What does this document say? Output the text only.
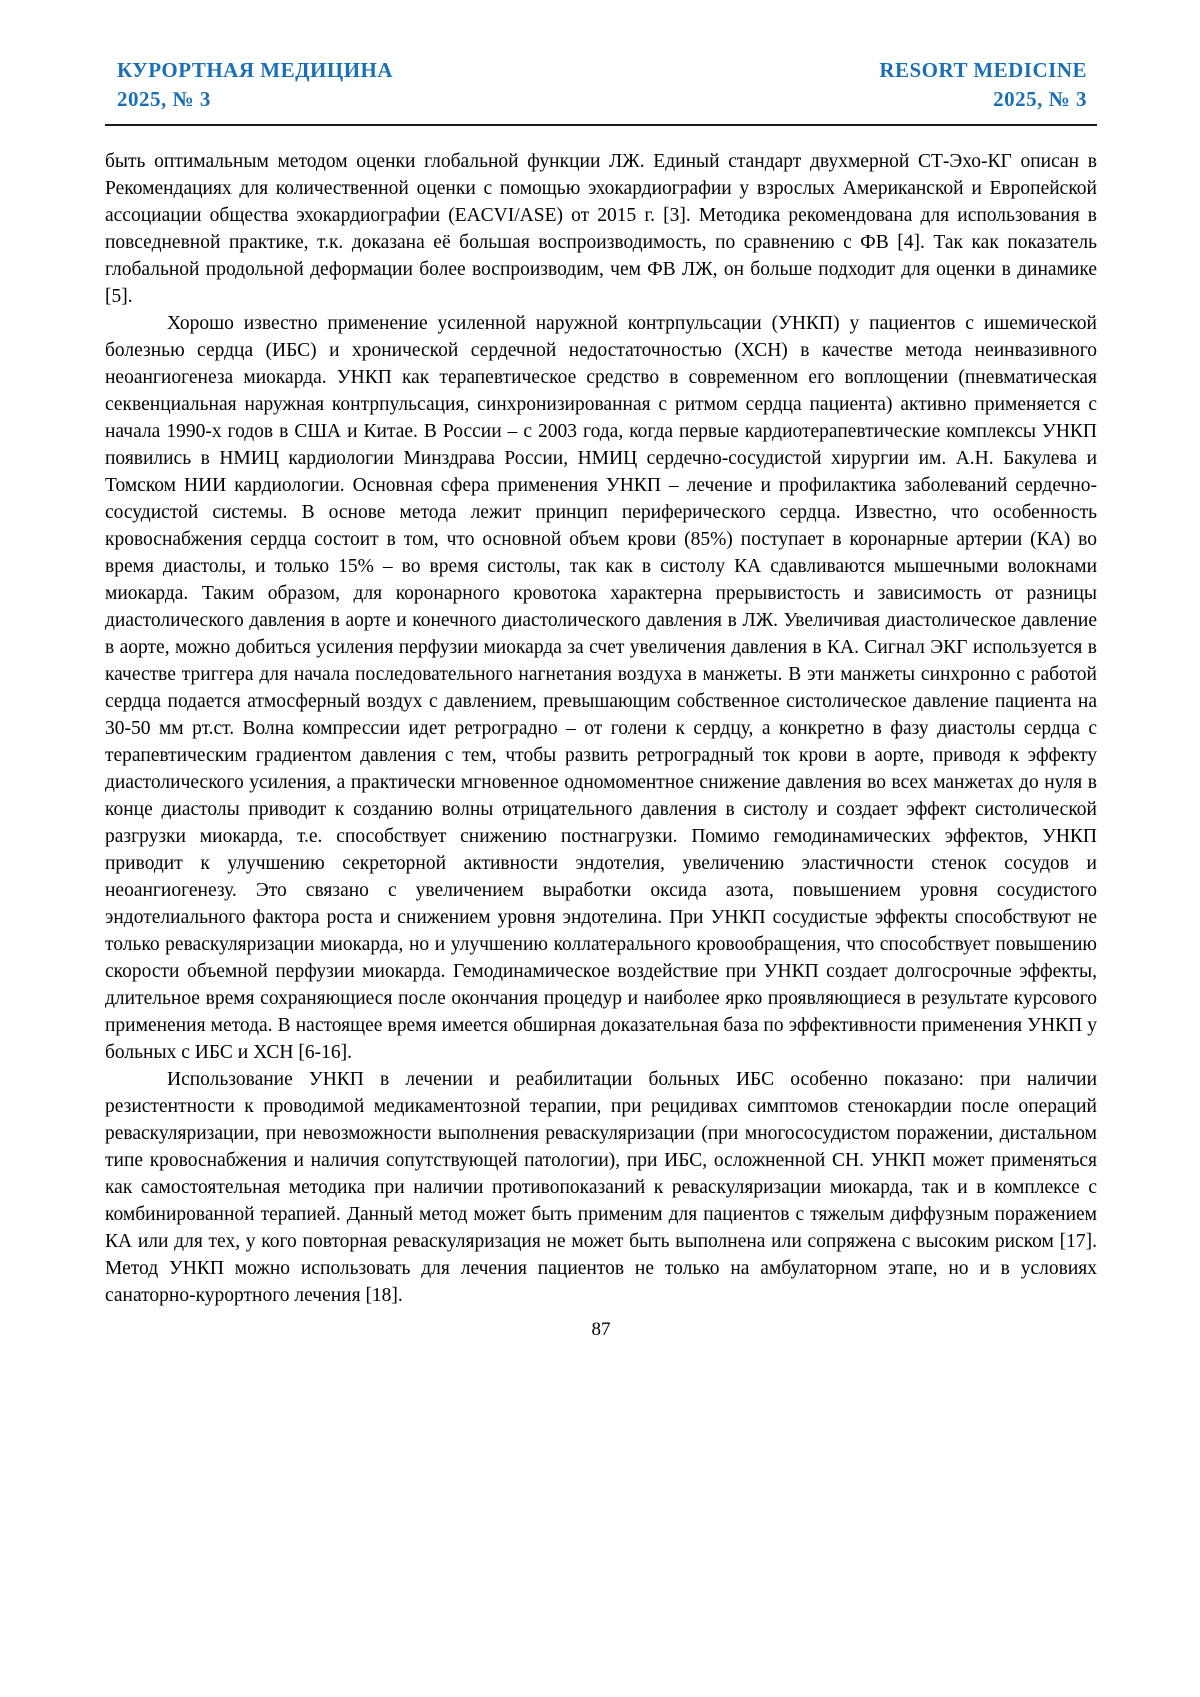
КУРОРТНАЯ МЕДИЦИНА
2025, № 3
RESORT MEDICINE
2025, № 3

быть оптимальным методом оценки глобальной функции ЛЖ. Единый стандарт двухмерной СТ-Эхо-КГ описан в Рекомендациях для количественной оценки с помощью эхокардиографии у взрослых Американской и Европейской ассоциации общества эхокардиографии (EACVI/ASE) от 2015 г. [3]. Методика рекомендована для использования в повседневной практике, т.к. доказана её большая воспроизводимость, по сравнению с ФВ [4]. Так как показатель глобальной продольной деформации более воспроизводим, чем ФВ ЛЖ, он больше подходит для оценки в динамике [5].

Хорошо известно применение усиленной наружной контрпульсации (УНКП) у пациентов с ишемической болезнью сердца (ИБС) и хронической сердечной недостаточностью (ХСН) в качестве метода неинвазивного неоангиогенеза миокарда. УНКП как терапевтическое средство в современном его воплощении (пневматическая секвенциальная наружная контрпульсация, синхронизированная с ритмом сердца пациента) активно применяется с начала 1990-х годов в США и Китае. В России – с 2003 года, когда первые кардиотерапевтические комплексы УНКП появились в НМИЦ кардиологии Минздрава России, НМИЦ сердечно-сосудистой хирургии им. А.Н. Бакулева и Томском НИИ кардиологии. Основная сфера применения УНКП – лечение и профилактика заболеваний сердечно-сосудистой системы. В основе метода лежит принцип периферического сердца. Известно, что особенность кровоснабжения сердца состоит в том, что основной объем крови (85%) поступает в коронарные артерии (КА) во время диастолы, и только 15% – во время систолы, так как в систолу КА сдавливаются мышечными волокнами миокарда. Таким образом, для коронарного кровотока характерна прерывистость и зависимость от разницы диастолического давления в аорте и конечного диастолического давления в ЛЖ. Увеличивая диастолическое давление в аорте, можно добиться усиления перфузии миокарда за счет увеличения давления в КА. Сигнал ЭКГ используется в качестве триггера для начала последовательного нагнетания воздуха в манжеты. В эти манжеты синхронно с работой сердца подается атмосферный воздух с давлением, превышающим собственное систолическое давление пациента на 30-50 мм рт.ст. Волна компрессии идет ретроградно – от голени к сердцу, а конкретно в фазу диастолы сердца с терапевтическим градиентом давления с тем, чтобы развить ретроградный ток крови в аорте, приводя к эффекту диастолического усиления, а практически мгновенное одномоментное снижение давления во всех манжетах до нуля в конце диастолы приводит к созданию волны отрицательного давления в систолу и создает эффект систолической разгрузки миокарда, т.е. способствует снижению постнагрузки. Помимо гемодинамических эффектов, УНКП приводит к улучшению секреторной активности эндотелия, увеличению эластичности стенок сосудов и неоангиогенезу. Это связано с увеличением выработки оксида азота, повышением уровня сосудистого эндотелиального фактора роста и снижением уровня эндотелина. При УНКП сосудистые эффекты способствуют не только реваскуляризации миокарда, но и улучшению коллатерального кровообращения, что способствует повышению скорости объемной перфузии миокарда. Гемодинамическое воздействие при УНКП создает долгосрочные эффекты, длительное время сохраняющиеся после окончания процедур и наиболее ярко проявляющиеся в результате курсового применения метода. В настоящее время имеется обширная доказательная база по эффективности применения УНКП у больных с ИБС и ХСН [6-16].

Использование УНКП в лечении и реабилитации больных ИБС особенно показано: при наличии резистентности к проводимой медикаментозной терапии, при рецидивах симптомов стенокардии после операций реваскуляризации, при невозможности выполнения реваскуляризации (при многососудистом поражении, дистальном типе кровоснабжения и наличия сопутствующей патологии), при ИБС, осложненной СН. УНКП может применяться как самостоятельная методика при наличии противопоказаний к реваскуляризации миокарда, так и в комплексе с комбинированной терапией. Данный метод может быть применим для пациентов с тяжелым диффузным поражением КА или для тех, у кого повторная реваскуляризация не может быть выполнена или сопряжена с высоким риском [17]. Метод УНКП можно использовать для лечения пациентов не только на амбулаторном этапе, но и в условиях санаторно-курортного лечения [18].

87
